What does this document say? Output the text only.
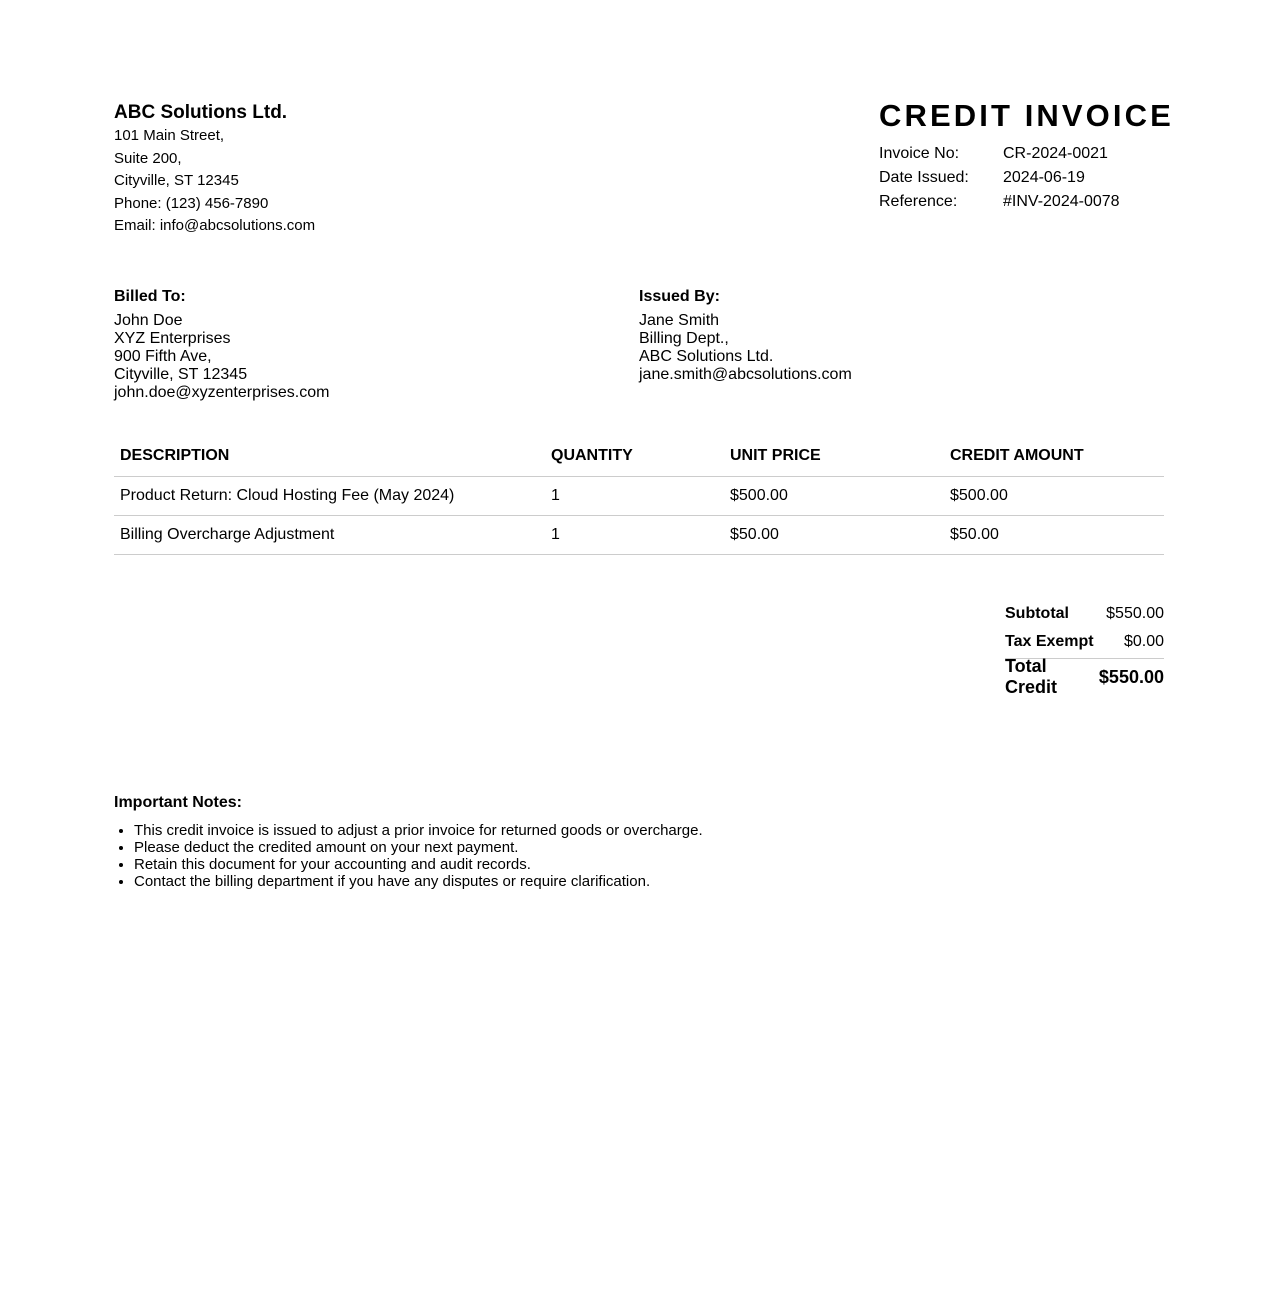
ABC Solutions Ltd.
101 Main Street,
Suite 200,
Cityville, ST 12345
Phone: (123) 456-7890
Email: info@abcsolutions.com
CREDIT INVOICE
Invoice No:	CR-2024-0021
Date Issued:	2024-06-19
Reference:	#INV-2024-0078
Billed To:
John Doe
XYZ Enterprises
900 Fifth Ave,
Cityville, ST 12345
john.doe@xyzenterprises.com
Issued By:
Jane Smith
Billing Dept.,
ABC Solutions Ltd.
jane.smith@abcsolutions.com
DESCRIPTION	QUANTITY	UNIT PRICE	CREDIT AMOUNT
Product Return: Cloud Hosting Fee (May 2024)	1	$500.00	$500.00
Billing Overcharge Adjustment	1	$50.00	$50.00
Subtotal $550.00
Tax Exempt $0.00
Total Credit
$550.00
Important Notes:
• This credit invoice is issued to adjust a prior invoice for returned goods or overcharge.
• Please deduct the credited amount on your next payment.
• Retain this document for your accounting and audit records.
• Contact the billing department if you have any disputes or require clarification.
